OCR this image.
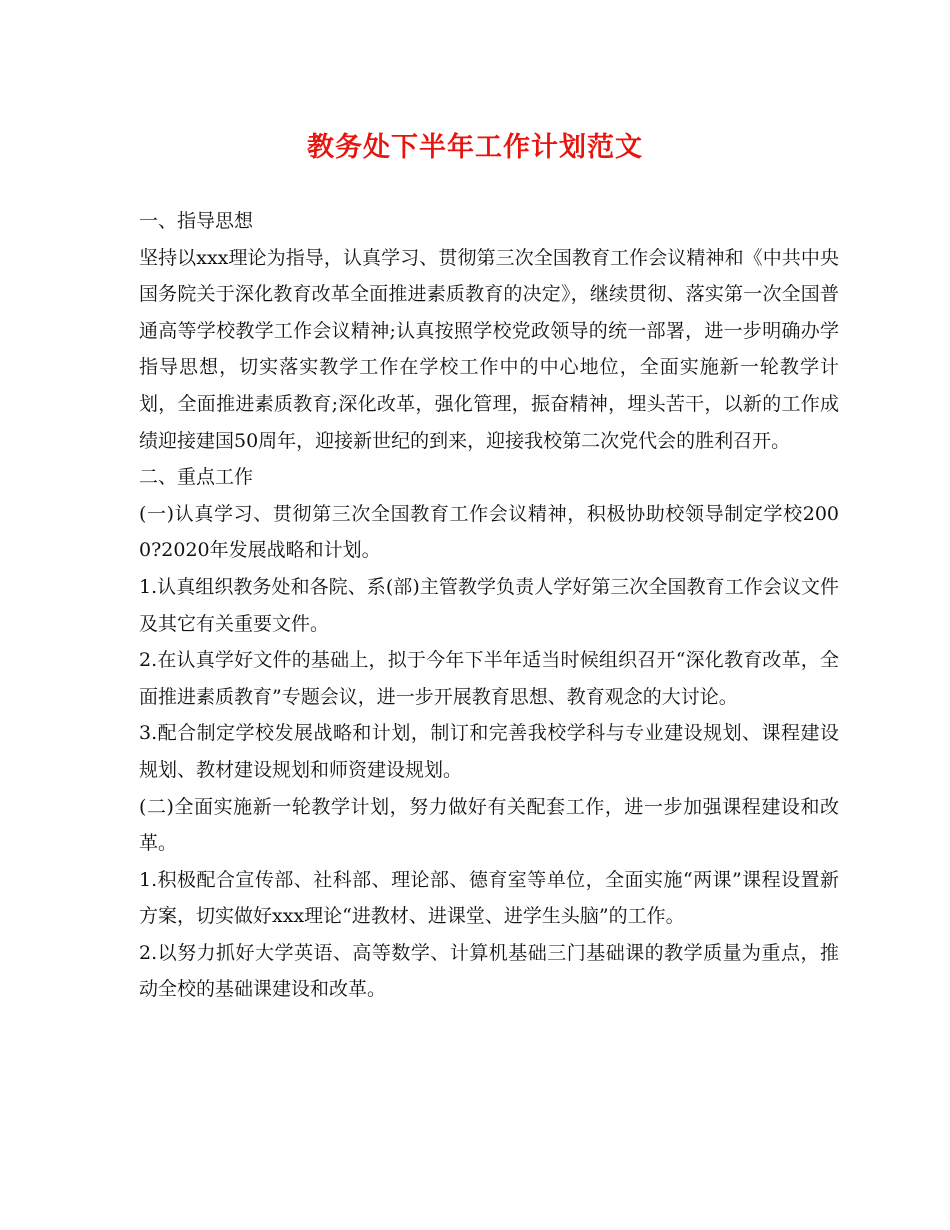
教务处下半年工作计划范文

一、指导思想

坚持以xxx理论为指导，认真学习、贯彻第三次全国教育工作会议精神和《中共中央国务院关于深化教育改革全面推进素质教育的决定》，继续贯彻、落实第一次全国普通高等学校教学工作会议精神;认真按照学校党政领导的统一部署，进一步明确办学指导思想，切实落实教学工作在学校工作中的中心地位，全面实施新一轮教学计划，全面推进素质教育;深化改革，强化管理，振奋精神，埋头苦干，以新的工作成绩迎接建国50周年，迎接新世纪的到来，迎接我校第二次党代会的胜利召开。

二、重点工作

(一)认真学习、贯彻第三次全国教育工作会议精神，积极协助校领导制定学校2000?2020年发展战略和计划。

1.认真组织教务处和各院、系(部)主管教学负责人学好第三次全国教育工作会议文件及其它有关重要文件。

2.在认真学好文件的基础上，拟于今年下半年适当时候组织召开“深化教育改革，全面推进素质教育”专题会议，进一步开展教育思想、教育观念的大讨论。

3.配合制定学校发展战略和计划，制订和完善我校学科与专业建设规划、课程建设规划、教材建设规划和师资建设规划。

(二)全面实施新一轮教学计划，努力做好有关配套工作，进一步加强课程建设和改革。

1.积极配合宣传部、社科部、理论部、德育室等单位，全面实施“两课”课程设置新方案，切实做好xxx理论“进教材、进课堂、进学生头脑”的工作。

2.以努力抓好大学英语、高等数学、计算机基础三门基础课的教学质量为重点，推动全校的基础课建设和改革。
